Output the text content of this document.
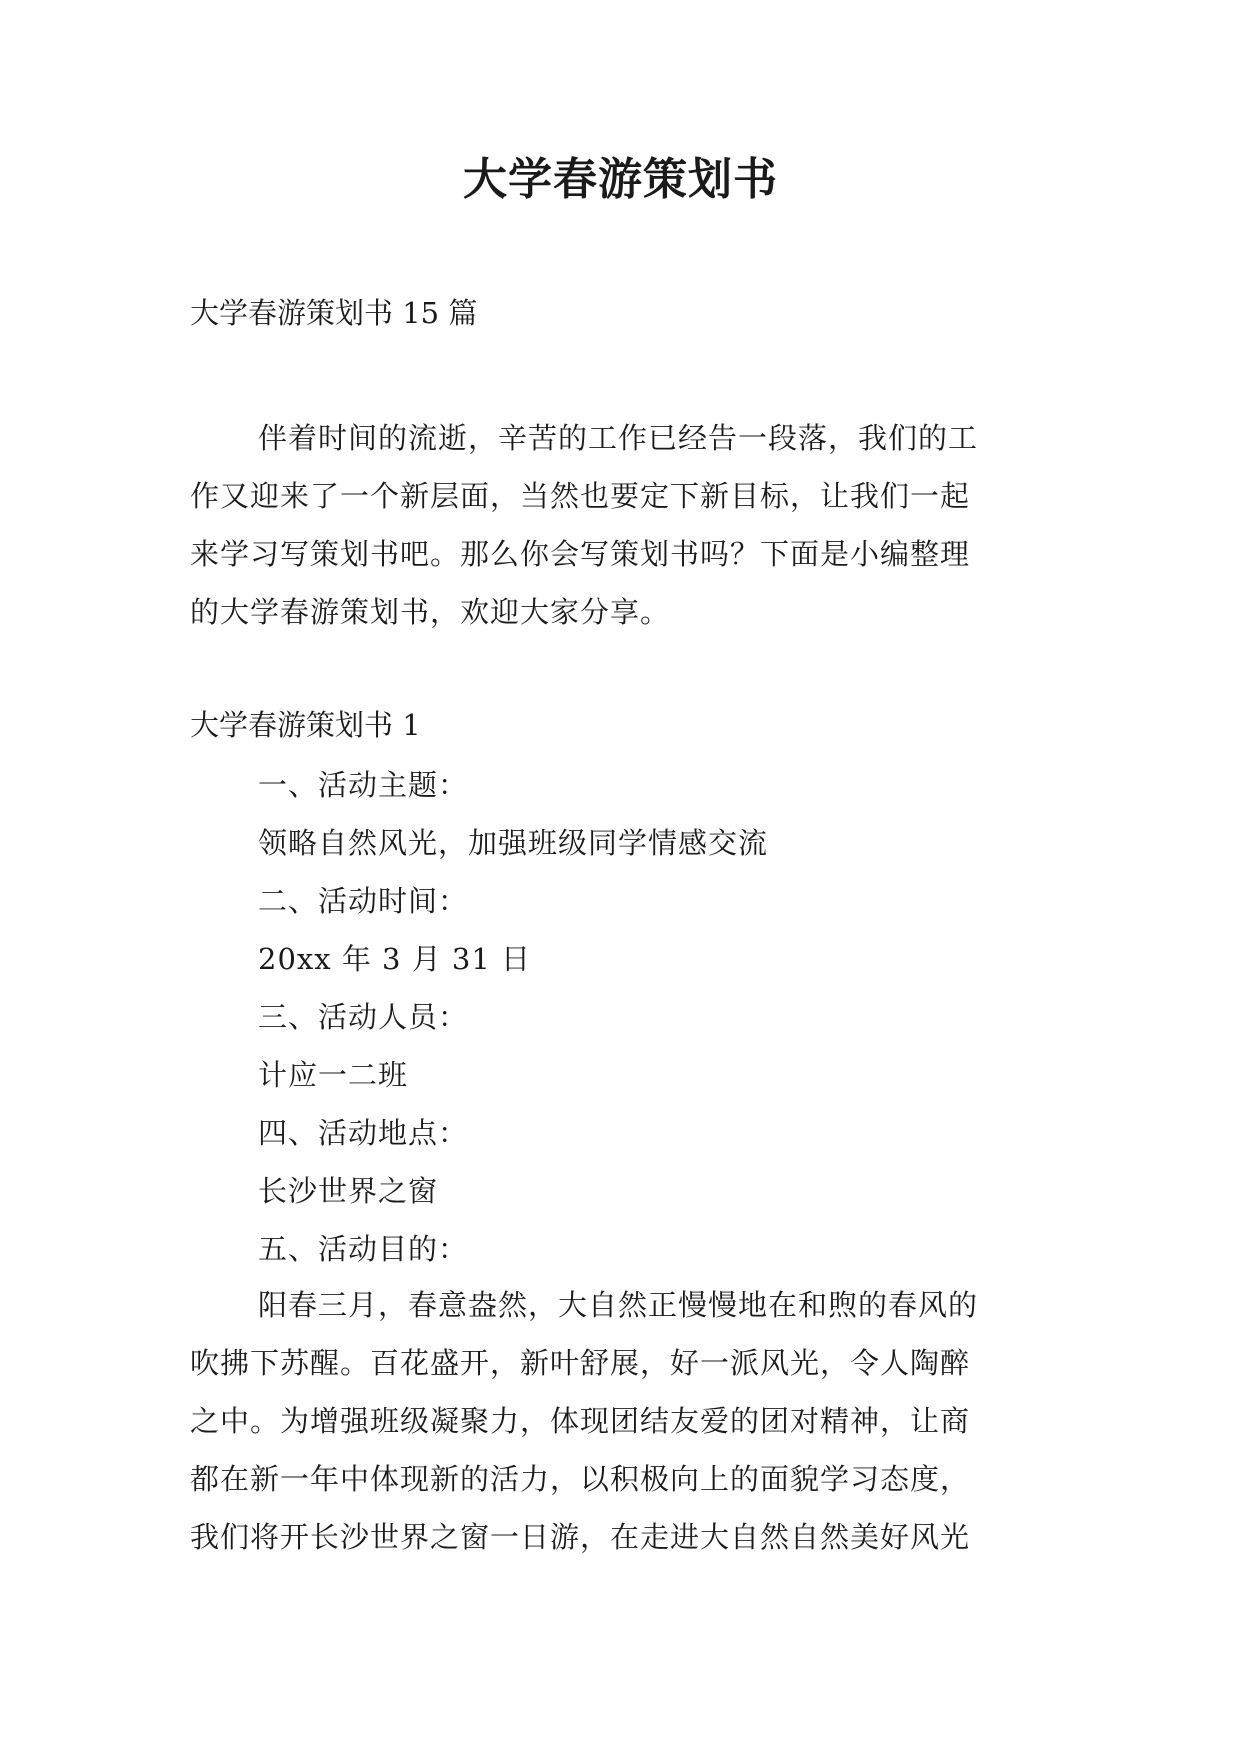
大学春游策划书

大学春游策划书 15 篇

伴着时间的流逝，辛苦的工作已经告一段落，我们的工
作又迎来了一个新层面，当然也要定下新目标，让我们一起
来学习写策划书吧。那么你会写策划书吗？下面是小编整理
的大学春游策划书，欢迎大家分享。

大学春游策划书 1

一、活动主题：
领略自然风光，加强班级同学情感交流
二、活动时间：
20xx 年 3 月 31 日
三、活动人员：
计应一二班
四、活动地点：
长沙世界之窗
五、活动目的：

阳春三月，春意盎然，大自然正慢慢地在和煦的春风的
吹拂下苏醒。百花盛开，新叶舒展，好一派风光，令人陶醉
之中。为增强班级凝聚力，体现团结友爱的团对精神，让商
都在新一年中体现新的活力，以积极向上的面貌学习态度，
我们将开长沙世界之窗一日游，在走进大自然自然美好风光
